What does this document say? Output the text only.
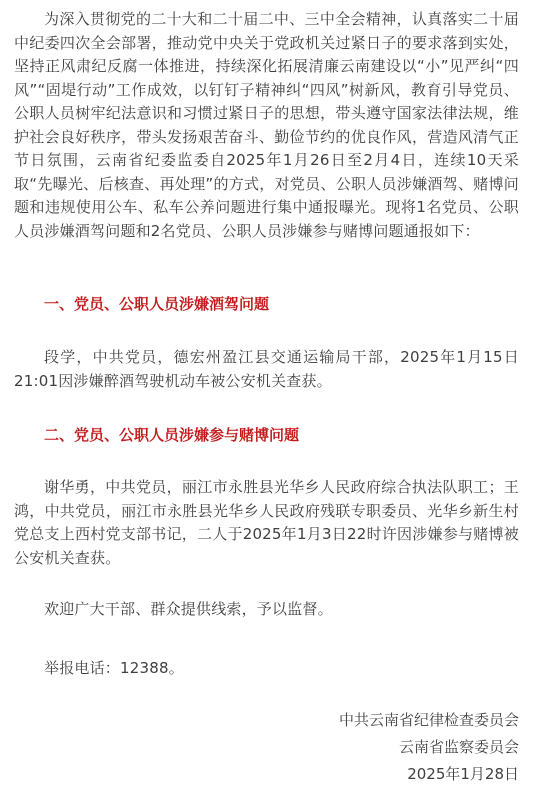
为深入贯彻党的二十大和二十届二中、三中全会精神，认真落实二十届中纪委四次全会部署，推动党中央关于党政机关过紧日子的要求落到实处，坚持正风肃纪反腐一体推进，持续深化拓展清廉云南建设以“小”见严纠“四风”“固堤行动”工作成效，以钉钉子精神纠“四风”树新风，教育引导党员、公职人员树牢纪法意识和习惯过紧日子的思想，带头遵守国家法律法规，维护社会良好秩序，带头发扬艰苦奋斗、勤俭节约的优良作风，营造风清气正节日氛围，云南省纪委监委自2025年1月26日至2月4日，连续10天采取“先曝光、后核查、再处理”的方式，对党员、公职人员涉嫌酒驾、赌博问题和违规使用公车、私车公养问题进行集中通报曝光。现将1名党员、公职人员涉嫌酒驾问题和2名党员、公职人员涉嫌参与赌博问题通报如下：

一、党员、公职人员涉嫌酒驾问题

段学，中共党员，德宏州盈江县交通运输局干部，2025年1月15日21:01因涉嫌醉酒驾驶机动车被公安机关查获。

二、党员、公职人员涉嫌参与赌博问题

谢华勇，中共党员，丽江市永胜县光华乡人民政府综合执法队职工；王鸿，中共党员，丽江市永胜县光华乡人民政府残联专职委员、光华乡新生村党总支上西村党支部书记，二人于2025年1月3日22时许因涉嫌参与赌博被公安机关查获。

欢迎广大干部、群众提供线索，予以监督。

举报电话：12388。

中共云南省纪律检查委员会

云南省监察委员会

2025年1月28日
